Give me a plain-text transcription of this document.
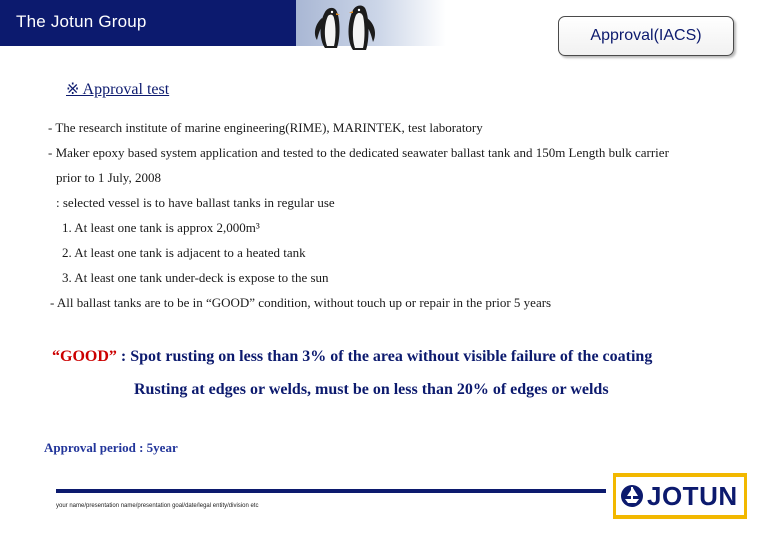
The Jotun Group
Approval(IACS)
※ Approval test
- The research institute of marine engineering(RIME), MARINTEK, test laboratory
- Maker epoxy based system application and tested to the dedicated seawater ballast tank and 150m Length bulk carrier
prior to 1 July, 2008
: selected vessel is to have ballast tanks in regular use
1. At least one tank is approx 2,000m³
2. At least one tank is adjacent to a heated tank
3. At least one tank under-deck is expose to the sun
- All ballast tanks are to be in “GOOD” condition, without touch up or repair in the prior 5 years
“GOOD” : Spot rusting on less than 3% of the area without visible failure of the coating
Rusting at edges or welds, must be on less than 20% of edges or welds
Approval period : 5year
your name/presentation name/presentation goal/date/legal entity/division etc	JOTUN
